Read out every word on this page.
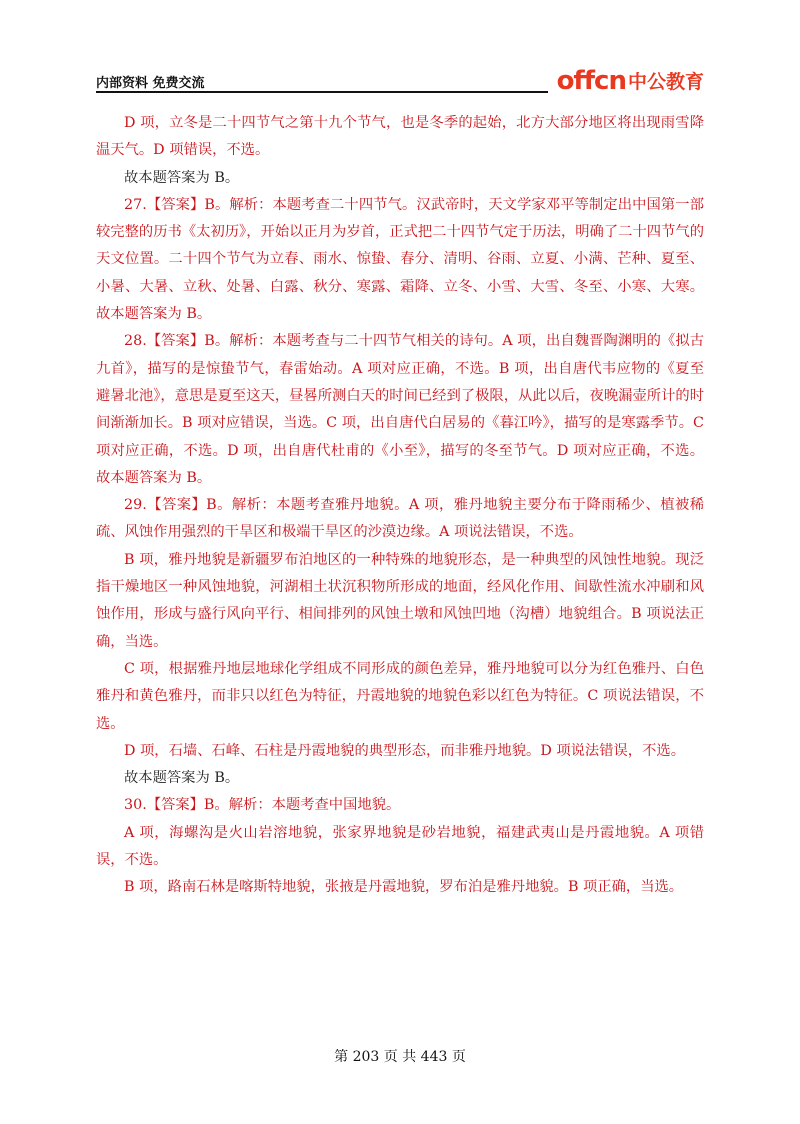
内部资料 免费交流	offcn 中公教育

D 项，立冬是二十四节气之第十九个节气，也是冬季的起始，北方大部分地区将出现雨雪降温天气。D 项错误，不选。

故本题答案为 B。

27.【答案】B。解析：本题考查二十四节气。汉武帝时，天文学家邓平等制定出中国第一部较完整的历书《太初历》，开始以正月为岁首，正式把二十四节气定于历法，明确了二十四节气的天文位置。二十四个节气为立春、雨水、惊蛰、春分、清明、谷雨、立夏、小满、芒种、夏至、小暑、大暑、立秋、处暑、白露、秋分、寒露、霜降、立冬、小雪、大雪、冬至、小寒、大寒。故本题答案为 B。

28.【答案】B。解析：本题考查与二十四节气相关的诗句。A 项，出自魏晋陶渊明的《拟古九首》，描写的是惊蛰节气，春雷始动。A 项对应正确，不选。B 项，出自唐代韦应物的《夏至避暑北池》，意思是夏至这天，昼晷所测白天的时间已经到了极限，从此以后，夜晚漏壶所计的时间渐渐加长。B 项对应错误，当选。C 项，出自唐代白居易的《暮江吟》，描写的是寒露季节。C 项对应正确，不选。D 项，出自唐代杜甫的《小至》，描写的冬至节气。D 项对应正确，不选。故本题答案为 B。

29.【答案】B。解析：本题考查雅丹地貌。A 项，雅丹地貌主要分布于降雨稀少、植被稀疏、风蚀作用强烈的干旱区和极端干旱区的沙漠边缘。A 项说法错误，不选。

B 项，雅丹地貌是新疆罗布泊地区的一种特殊的地貌形态，是一种典型的风蚀性地貌。现泛指干燥地区一种风蚀地貌，河湖相土状沉积物所形成的地面，经风化作用、间歇性流水冲刷和风蚀作用，形成与盛行风向平行、相间排列的风蚀土墩和风蚀凹地（沟槽）地貌组合。B 项说法正确，当选。

C 项，根据雅丹地层地球化学组成不同形成的颜色差异，雅丹地貌可以分为红色雅丹、白色雅丹和黄色雅丹，而非只以红色为特征，丹霞地貌的地貌色彩以红色为特征。C 项说法错误，不选。

D 项，石墙、石峰、石柱是丹霞地貌的典型形态，而非雅丹地貌。D 项说法错误，不选。

故本题答案为 B。

30.【答案】B。解析：本题考查中国地貌。

A 项，海螺沟是火山岩溶地貌，张家界地貌是砂岩地貌，福建武夷山是丹霞地貌。A 项错误，不选。

B 项，路南石林是喀斯特地貌，张掖是丹霞地貌，罗布泊是雅丹地貌。B 项正确，当选。

第 203 页 共 443 页
